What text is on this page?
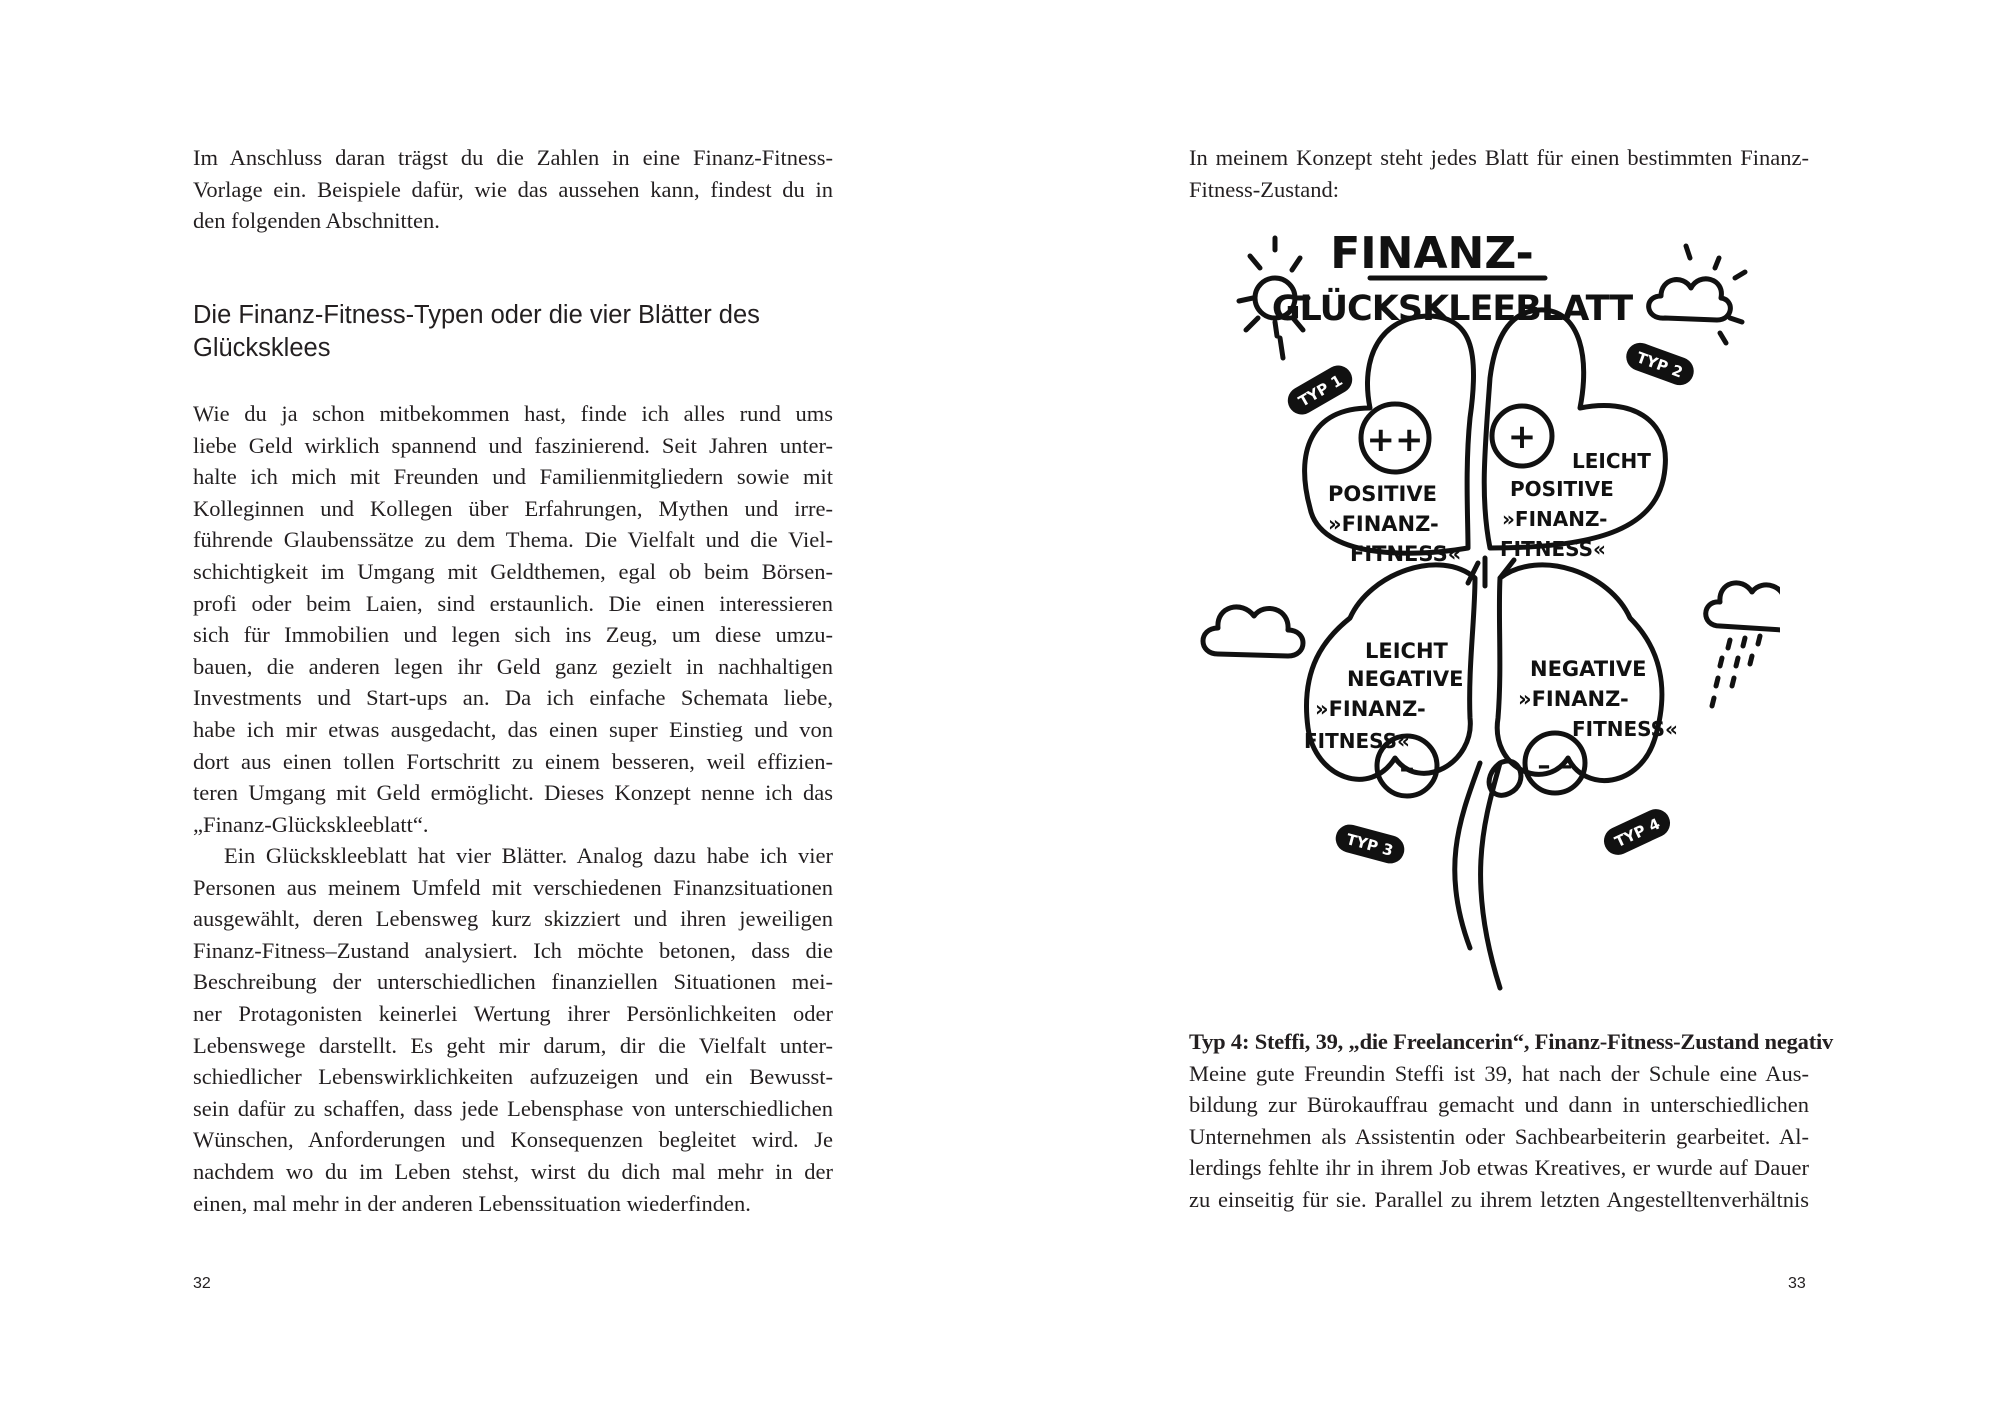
Im Anschluss daran trägst du die Zahlen in eine Finanz-Fitness-
Vorlage ein. Beispiele dafür, wie das aussehen kann, findest du in
den folgenden Abschnitten.
Die Finanz-Fitness-Typen oder die vier Blätter des
Glücksklees
Wie du ja schon mitbekommen hast, finde ich alles rund ums
liebe Geld wirklich spannend und faszinierend. Seit Jahren unter-
halte ich mich mit Freunden und Familienmitgliedern sowie mit
Kolleginnen und Kollegen über Erfahrungen, Mythen und irre-
führende Glaubenssätze zu dem Thema. Die Vielfalt und die Viel-
schichtigkeit im Umgang mit Geldthemen, egal ob beim Börsen-
profi oder beim Laien, sind erstaunlich. Die einen interessieren
sich für Immobilien und legen sich ins Zeug, um diese umzu-
bauen, die anderen legen ihr Geld ganz gezielt in nachhaltigen
Investments und Start-ups an. Da ich einfache Schemata liebe,
habe ich mir etwas ausgedacht, das einen super Einstieg und von
dort aus einen tollen Fortschritt zu einem besseren, weil effizien-
teren Umgang mit Geld ermöglicht. Dieses Konzept nenne ich das
„Finanz-Glückskleeblatt“.
Ein Glückskleeblatt hat vier Blätter. Analog dazu habe ich vier
Personen aus meinem Umfeld mit verschiedenen Finanzsituationen
ausgewählt, deren Lebensweg kurz skizziert und ihren jeweiligen
Finanz-Fitness–Zustand analysiert. Ich möchte betonen, dass die
Beschreibung der unterschiedlichen finanziellen Situationen mei-
ner Protagonisten keinerlei Wertung ihrer Persönlichkeiten oder
Lebenswege darstellt. Es geht mir darum, dir die Vielfalt unter-
schiedlicher Lebenswirklichkeiten aufzuzeigen und ein Bewusst-
sein dafür zu schaffen, dass jede Lebensphase von unterschiedlichen
Wünschen, Anforderungen und Konsequenzen begleitet wird. Je
nachdem wo du im Leben stehst, wirst du dich mal mehr in der
einen, mal mehr in der anderen Lebenssituation wiederfinden.
32
In meinem Konzept steht jedes Blatt für einen bestimmten Finanz-
Fitness-Zustand:
Typ 4: Steffi, 39, „die Freelancerin“, Finanz-Fitness-Zustand negativ
Meine gute Freundin Steffi ist 39, hat nach der Schule eine Aus-
bildung zur Bürokauffrau gemacht und dann in unterschiedlichen
Unternehmen als Assistentin oder Sachbearbeiterin gearbeitet. Al-
lerdings fehlte ihr in ihrem Job etwas Kreatives, er wurde auf Dauer
zu einseitig für sie. Parallel zu ihrem letzten Angestelltenverhältnis
33
FINANZ-
GLÜCKSKLEEBLATT
TYP 1
TYP 2
TYP 3	TYP 4
++ +
–	– –
POSITIVE
»FINANZ-
FITNESS«
LEICHT
POSITIVE
»FINANZ-
FITNESS«
LEICHT
NEGATIVE
»FINANZ-
FITNESS«
NEGATIVE
»FINANZ-
FITNESS«
